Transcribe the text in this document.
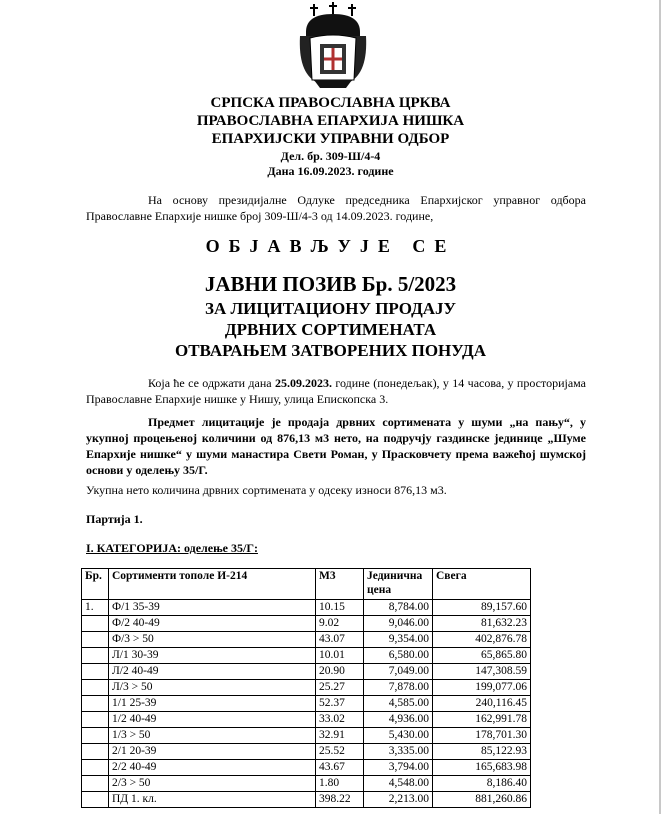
СРПСКА ПРАВОСЛАВНА ЦРКВА
ПРАВОСЛАВНА ЕПАРХИЈА НИШКА
ЕПАРХИЈСКИ УПРАВНИ ОДБОР
Дел. бр. 309-Ш/4-4
Дана 16.09.2023. године
На основу президијалне Одлуке председника Епархијског управног одбора Православне Епархије нишке број 309-Ш/4-3 од 14.09.2023. године,
ОБЈАВЉУЈЕ СЕ
ЈАВНИ ПОЗИВ Бр. 5/2023
ЗА ЛИЦИТАЦИОНУ ПРОДАЈУ
ДРВНИХ СОРТИМЕНАТА
ОТВАРАЊЕМ ЗАТВОРЕНИХ ПОНУДА
Која ће се одржати дана 25.09.2023. године (понедељак), у 14 часова, у просторијама Православне Епархије нишке у Нишу, улица Епископска 3.
Предмет лицитације је продаја дрвних сортимената у шуми „на пању“, у укупној процењеној количини од 876,13 м3 нето, на подручју газдинске јединице „Шуме Епархије нишке“ у шуми манастира Свети Роман, у Прасковчету према важећој шумској основи у оделењу 35/Г.
Укупна нето количина дрвних сортимената у одсеку износи 876,13 м3.
Партија 1.
I. КАТЕГОРИЈА: оделење 35/Г:
Бр.	Сортименти тополе И-214	М3	Јединична цена	Свега
1.	Ф/1 35-39	10.15	8,784.00	89,157.60
	Ф/2 40-49	9.02	9,046.00	81,632.23
	Ф/3 > 50	43.07	9,354.00	402,876.78
	Л/1 30-39	10.01	6,580.00	65,865.80
	Л/2 40-49	20.90	7,049.00	147,308.59
	Л/3 > 50	25.27	7,878.00	199,077.06
	1/1 25-39	52.37	4,585.00	240,116.45
	1/2 40-49	33.02	4,936.00	162,991.78
	1/3 > 50	32.91	5,430.00	178,701.30
	2/1 20-39	25.52	3,335.00	85,122.93
	2/2 40-49	43.67	3,794.00	165,683.98
	2/3 > 50	1.80	4,548.00	8,186.40
	ПД 1. кл.	398.22	2,213.00	881,260.86
